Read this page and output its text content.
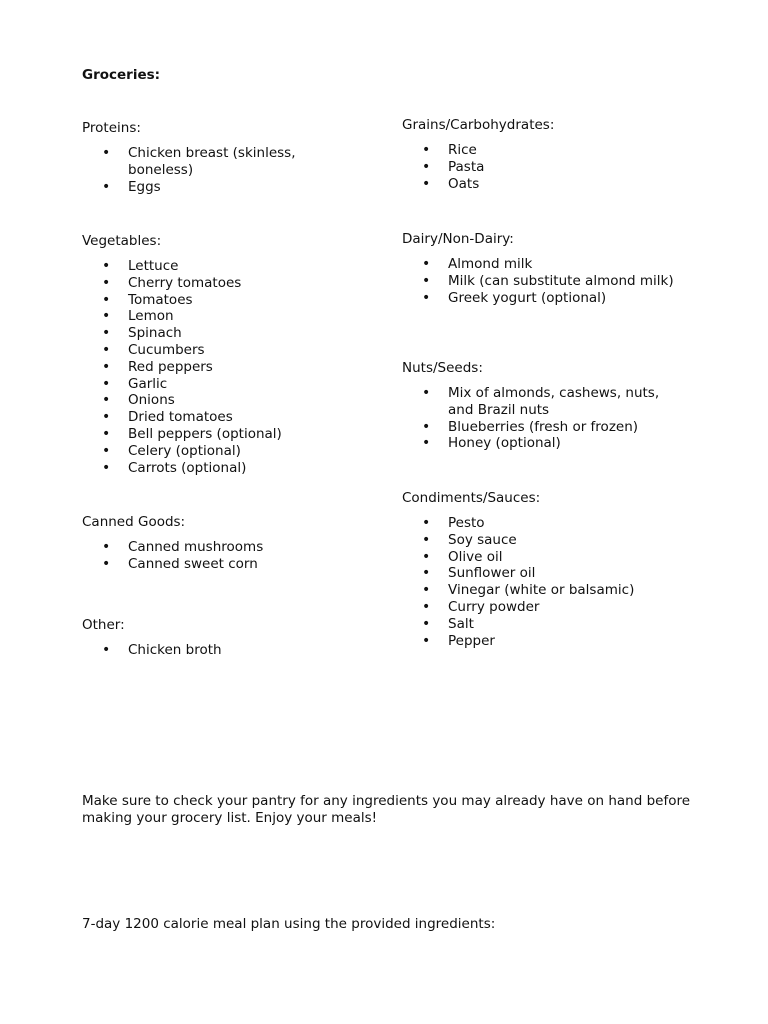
Groceries:
Proteins:
• Chicken breast (skinless, boneless)
• Eggs
Vegetables:
• Lettuce
• Cherry tomatoes
• Tomatoes
• Lemon
• Spinach
• Cucumbers
• Red peppers
• Garlic
• Onions
• Dried tomatoes
• Bell peppers (optional)
• Celery (optional)
• Carrots (optional)
Canned Goods:
• Canned mushrooms
• Canned sweet corn
Other:
• Chicken broth
Grains/Carbohydrates:
• Rice
• Pasta
• Oats
Dairy/Non-Dairy:
• Almond milk
• Milk (can substitute almond milk)
• Greek yogurt (optional)
Nuts/Seeds:
• Mix of almonds, cashews, nuts, and Brazil nuts
• Blueberries (fresh or frozen)
• Honey (optional)
Condiments/Sauces:
• Pesto
• Soy sauce
• Olive oil
• Sunflower oil
• Vinegar (white or balsamic)
• Curry powder
• Salt
• Pepper
Make sure to check your pantry for any ingredients you may already have on hand before making your grocery list. Enjoy your meals!
7-day 1200 calorie meal plan using the provided ingredients:
